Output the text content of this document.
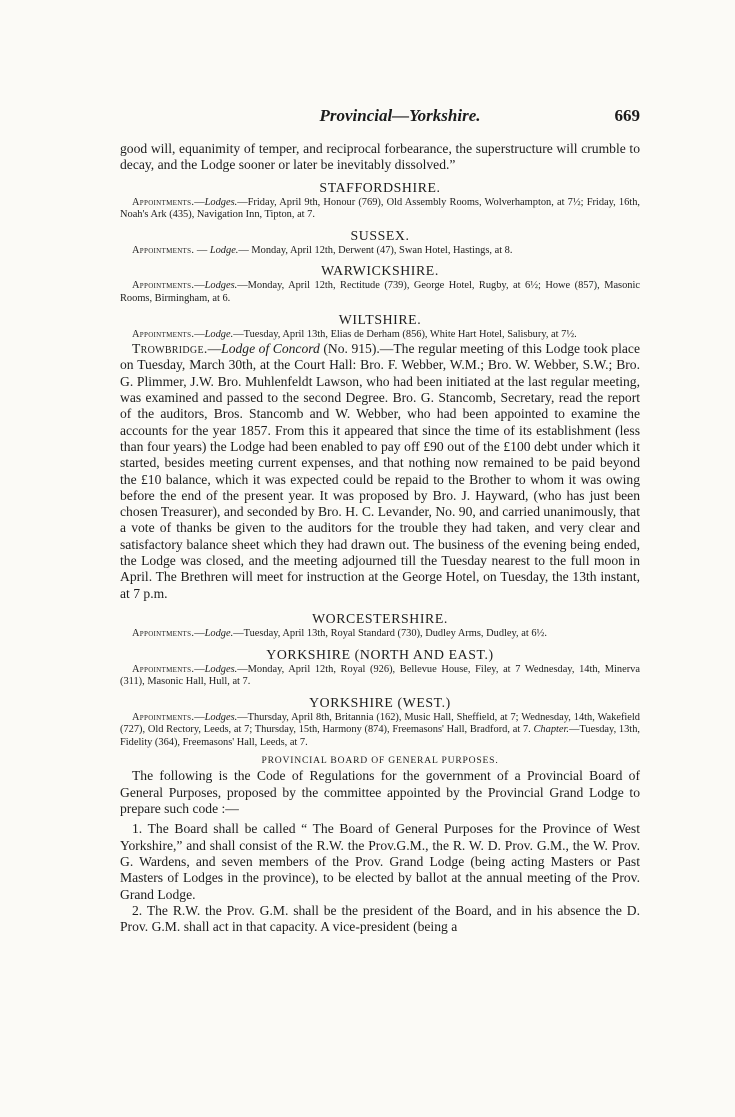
Provincial—Yorkshire.	669

good will, equanimity of temper, and reciprocal forbearance, the superstructure will crumble to decay, and the Lodge sooner or later be inevitably dissolved.”

STAFFORDSHIRE.

Appointments.—Lodges.—Friday, April 9th, Honour (769), Old Assembly Rooms, Wolverhampton, at 7½; Friday, 16th, Noah's Ark (435), Navigation Inn, Tipton, at 7.

SUSSEX.

Appointments. — Lodge.— Monday, April 12th, Derwent (47), Swan Hotel, Hastings, at 8.

WARWICKSHIRE.

Appointments.—Lodges.—Monday, April 12th, Rectitude (739), George Hotel, Rugby, at 6½; Howe (857), Masonic Rooms, Birmingham, at 6.

WILTSHIRE.

Appointments.—Lodge.—Tuesday, April 13th, Elias de Derham (856), White Hart Hotel, Salisbury, at 7½.

Trowbridge.—Lodge of Concord (No. 915).—The regular meeting of this Lodge took place on Tuesday, March 30th, at the Court Hall: Bro. F. Webber, W.M.; Bro. W. Webber, S.W.; Bro. G. Plimmer, J.W. Bro. Muhlenfeldt Lawson, who had been initiated at the last regular meeting, was examined and passed to the second Degree. Bro. G. Stancomb, Secretary, read the report of the auditors, Bros. Stancomb and W. Webber, who had been appointed to examine the accounts for the year 1857. From this it appeared that since the time of its establishment (less than four years) the Lodge had been enabled to pay off £90 out of the £100 debt under which it started, besides meeting current expenses, and that nothing now remained to be paid beyond the £10 balance, which it was expected could be repaid to the Brother to whom it was owing before the end of the present year. It was proposed by Bro. J. Hayward, (who has just been chosen Treasurer), and seconded by Bro. H. C. Levander, No. 90, and carried unanimously, that a vote of thanks be given to the auditors for the trouble they had taken, and very clear and satisfactory balance sheet which they had drawn out. The business of the evening being ended, the Lodge was closed, and the meeting adjourned till the Tuesday nearest to the full moon in April. The Brethren will meet for instruction at the George Hotel, on Tuesday, the 13th instant, at 7 p.m.

WORCESTERSHIRE.

Appointments.—Lodge.—Tuesday, April 13th, Royal Standard (730), Dudley Arms, Dudley, at 6½.

YORKSHIRE (NORTH AND EAST.)

Appointments.—Lodges.—Monday, April 12th, Royal (926), Bellevue House, Filey, at 7 Wednesday, 14th, Minerva (311), Masonic Hall, Hull, at 7.

YORKSHIRE (WEST.)

Appointments.—Lodges.—Thursday, April 8th, Britannia (162), Music Hall, Sheffield, at 7; Wednesday, 14th, Wakefield (727), Old Rectory, Leeds, at 7; Thursday, 15th, Harmony (874), Freemasons' Hall, Bradford, at 7. Chapter.—Tuesday, 13th, Fidelity (364), Freemasons' Hall, Leeds, at 7.

PROVINCIAL BOARD OF GENERAL PURPOSES.

The following is the Code of Regulations for the government of a Provincial Board of General Purposes, proposed by the committee appointed by the Provincial Grand Lodge to prepare such code :—

1. The Board shall be called “ The Board of General Purposes for the Province of West Yorkshire,” and shall consist of the R.W. the Prov.G.M., the R. W. D. Prov. G.M., the W. Prov. G. Wardens, and seven members of the Prov. Grand Lodge (being acting Masters or Past Masters of Lodges in the province), to be elected by ballot at the annual meeting of the Prov. Grand Lodge.

2. The R.W. the Prov. G.M. shall be the president of the Board, and in his absence the D. Prov. G.M. shall act in that capacity. A vice-president (being a
